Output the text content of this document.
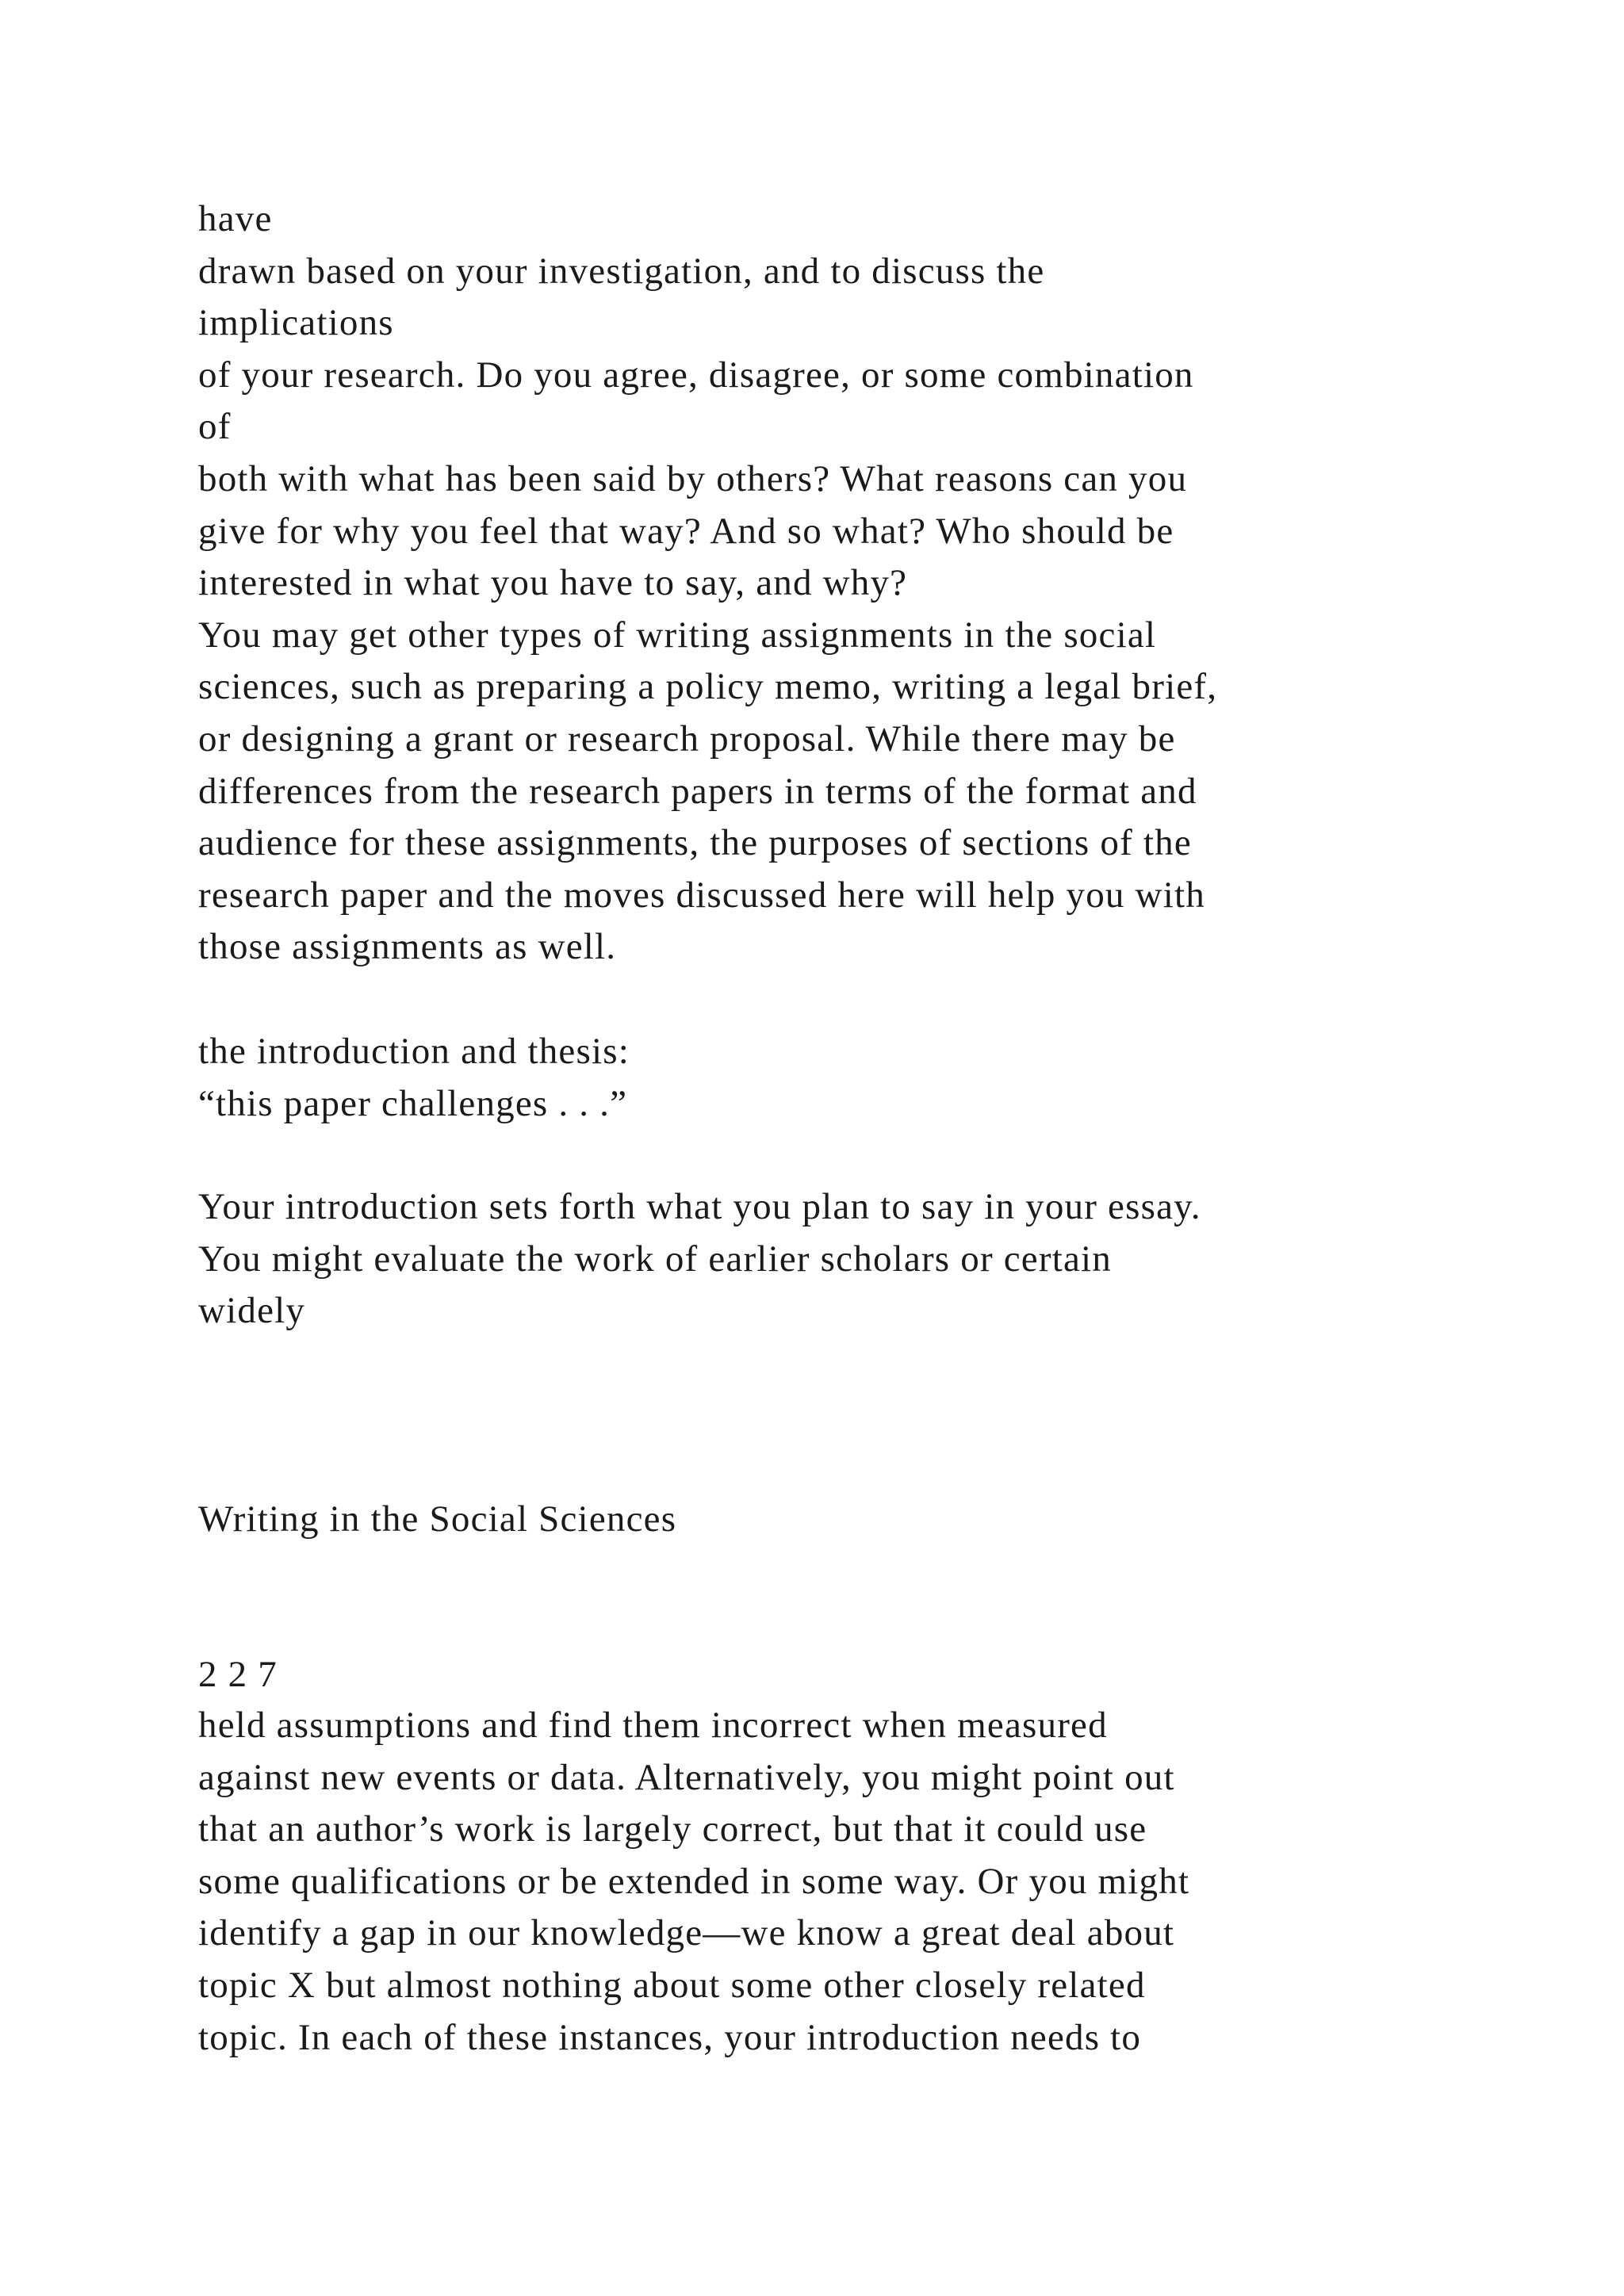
have
drawn based on your investigation, and to discuss the
implications
of your research. Do you agree, disagree, or some combination
of
both with what has been said by others? What reasons can you
give for why you feel that way? And so what? Who should be
interested in what you have to say, and why?
You may get other types of writing assignments in the social
sciences, such as preparing a policy memo, writing a legal brief,
or designing a grant or research proposal. While there may be
differences from the research papers in terms of the format and
audience for these assignments, the purposes of sections of the
research paper and the moves discussed here will help you with
those assignments as well.
the introduction and thesis:
“this paper challenges . . .”
Your introduction sets forth what you plan to say in your essay.
You might evaluate the work of earlier scholars or certain
widely
Writing in the Social Sciences
2 2 7
held assumptions and find them incorrect when measured
against new events or data. Alternatively, you might point out
that an author’s work is largely correct, but that it could use
some qualifications or be extended in some way. Or you might
identify a gap in our knowledge—we know a great deal about
topic X but almost nothing about some other closely related
topic. In each of these instances, your introduction needs to
